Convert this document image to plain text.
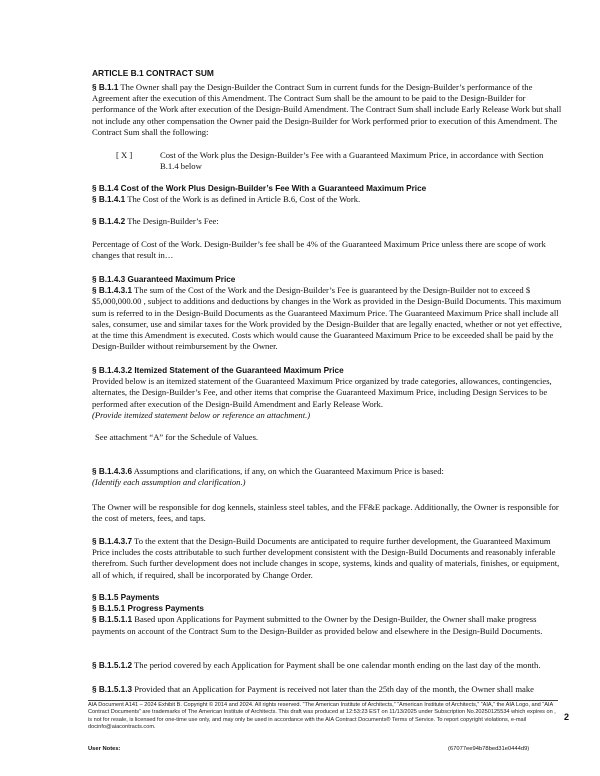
ARTICLE B.1 CONTRACT SUM

§ B.1.1 The Owner shall pay the Design-Builder the Contract Sum in current funds for the Design-Builder’s performance of the Agreement after the execution of this Amendment. The Contract Sum shall be the amount to be paid to the Design-Builder for performance of the Work after execution of the Design-Build Amendment. The Contract Sum shall include Early Release Work but shall not include any other compensation the Owner paid the Design-Builder for Work performed prior to execution of this Amendment. The Contract Sum shall the following:

[ X ]	Cost of the Work plus the Design-Builder’s Fee with a Guaranteed Maximum Price, in accordance with Section B.1.4 below
§ B.1.4 Cost of the Work Plus Design-Builder’s Fee With a Guaranteed Maximum Price

§ B.1.4.1 The Cost of the Work is as defined in Article B.6, Cost of the Work.

§ B.1.4.2 The Design-Builder’s Fee:

Percentage of Cost of the Work. Design-Builder’s fee shall be 4% of the Guaranteed Maximum Price unless there are scope of work changes that result in…

§ B.1.4.3 Guaranteed Maximum Price

§ B.1.4.3.1 The sum of the Cost of the Work and the Design-Builder’s Fee is guaranteed by the Design-Builder not to exceed $ $5,000,000.00 , subject to additions and deductions by changes in the Work as provided in the Design-Build Documents. This maximum sum is referred to in the Design-Build Documents as the Guaranteed Maximum Price. The Guaranteed Maximum Price shall include all sales, consumer, use and similar taxes for the Work provided by the Design-Builder that are legally enacted, whether or not yet effective, at the time this Amendment is executed. Costs which would cause the Guaranteed Maximum Price to be exceeded shall be paid by the Design-Builder without reimbursement by the Owner.

§ B.1.4.3.2 Itemized Statement of the Guaranteed Maximum Price

Provided below is an itemized statement of the Guaranteed Maximum Price organized by trade categories, allowances, contingencies, alternates, the Design-Builder’s Fee, and other items that comprise the Guaranteed Maximum Price, including Design Services to be performed after execution of the Design-Build Amendment and Early Release Work.

(Provide itemized statement below or reference an attachment.)

See attachment “A” for the Schedule of Values.

§ B.1.4.3.6 Assumptions and clarifications, if any, on which the Guaranteed Maximum Price is based:

(Identify each assumption and clarification.)

The Owner will be responsible for dog kennels, stainless steel tables, and the FF&E package. Additionally, the Owner is responsible for the cost of meters, fees, and taps.

§ B.1.4.3.7 To the extent that the Design-Build Documents are anticipated to require further development, the Guaranteed Maximum Price includes the costs attributable to such further development consistent with the Design-Build Documents and reasonably inferable therefrom. Such further development does not include changes in scope, systems, kinds and quality of materials, finishes, or equipment, all of which, if required, shall be incorporated by Change Order.

§ B.1.5 Payments
§ B.1.5.1 Progress Payments

§ B.1.5.1.1 Based upon Applications for Payment submitted to the Owner by the Design-Builder, the Owner shall make progress payments on account of the Contract Sum to the Design-Builder as provided below and elsewhere in the Design-Build Documents.

§ B.1.5.1.2 The period covered by each Application for Payment shall be one calendar month ending on the last day of the month.

§ B.1.5.1.3 Provided that an Application for Payment is received not later than the 25th day of the month, the Owner shall make

AIA Document A141 – 2024 Exhibit B. Copyright © 2014 and 2024. All rights reserved. “The American Institute of Architects,” “American Institute of Architects,” “AIA,” the AIA Logo, and “AIA Contract Documents” are trademarks of The American Institute of Architects. This draft was produced at 12:53:23 EST on 11/13/2025 under Subscription No.20250125534 which expires on , is not for resale, is licensed for one-time use only, and may only be used in accordance with the AIA Contract Documents® Terms of Service. To report copyright violations, e-mail docinfo@aiacontracts.com.
User Notes:	(67077ee94b78bed31e0444d9)
2
